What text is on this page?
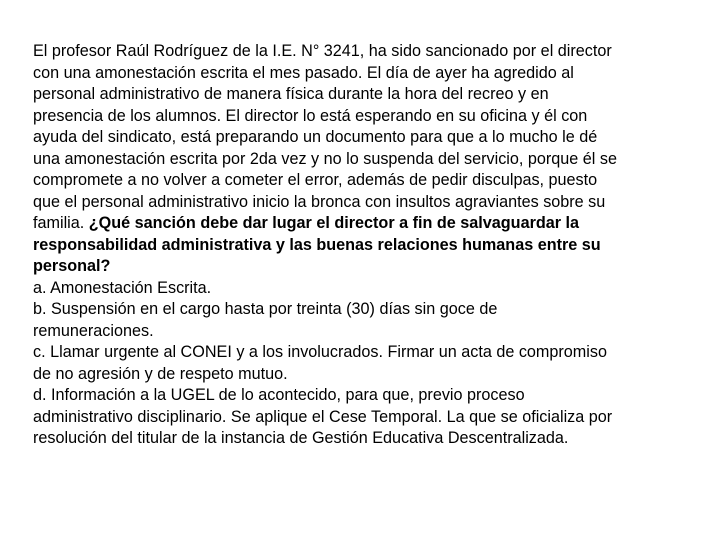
El profesor Raúl Rodríguez de la I.E. N° 3241, ha sido sancionado por el director
con una amonestación escrita el mes pasado. El día de ayer ha agredido al
personal administrativo de manera física durante la hora del recreo y en
presencia de los alumnos. El director lo está esperando en su oficina y él con
ayuda del sindicato, está preparando un documento para que a lo mucho le dé
una amonestación escrita por 2da vez y no lo suspenda del servicio, porque él se
compromete a no volver a cometer el error, además de pedir disculpas, puesto
que el personal administrativo inicio la bronca con insultos agraviantes sobre su
familia. ¿Qué sanción debe dar lugar el director a fin de salvaguardar la
responsabilidad administrativa y las buenas relaciones humanas entre su
personal?
a. Amonestación Escrita.
b. Suspensión en el cargo hasta por treinta (30) días sin goce de
remuneraciones.
c. Llamar urgente al CONEI y a los involucrados. Firmar un acta de compromiso
de no agresión y de respeto mutuo.
d. Información a la UGEL de lo acontecido, para que, previo proceso
administrativo disciplinario. Se aplique el Cese Temporal. La que se oficializa por
resolución del titular de la instancia de Gestión Educativa Descentralizada.
